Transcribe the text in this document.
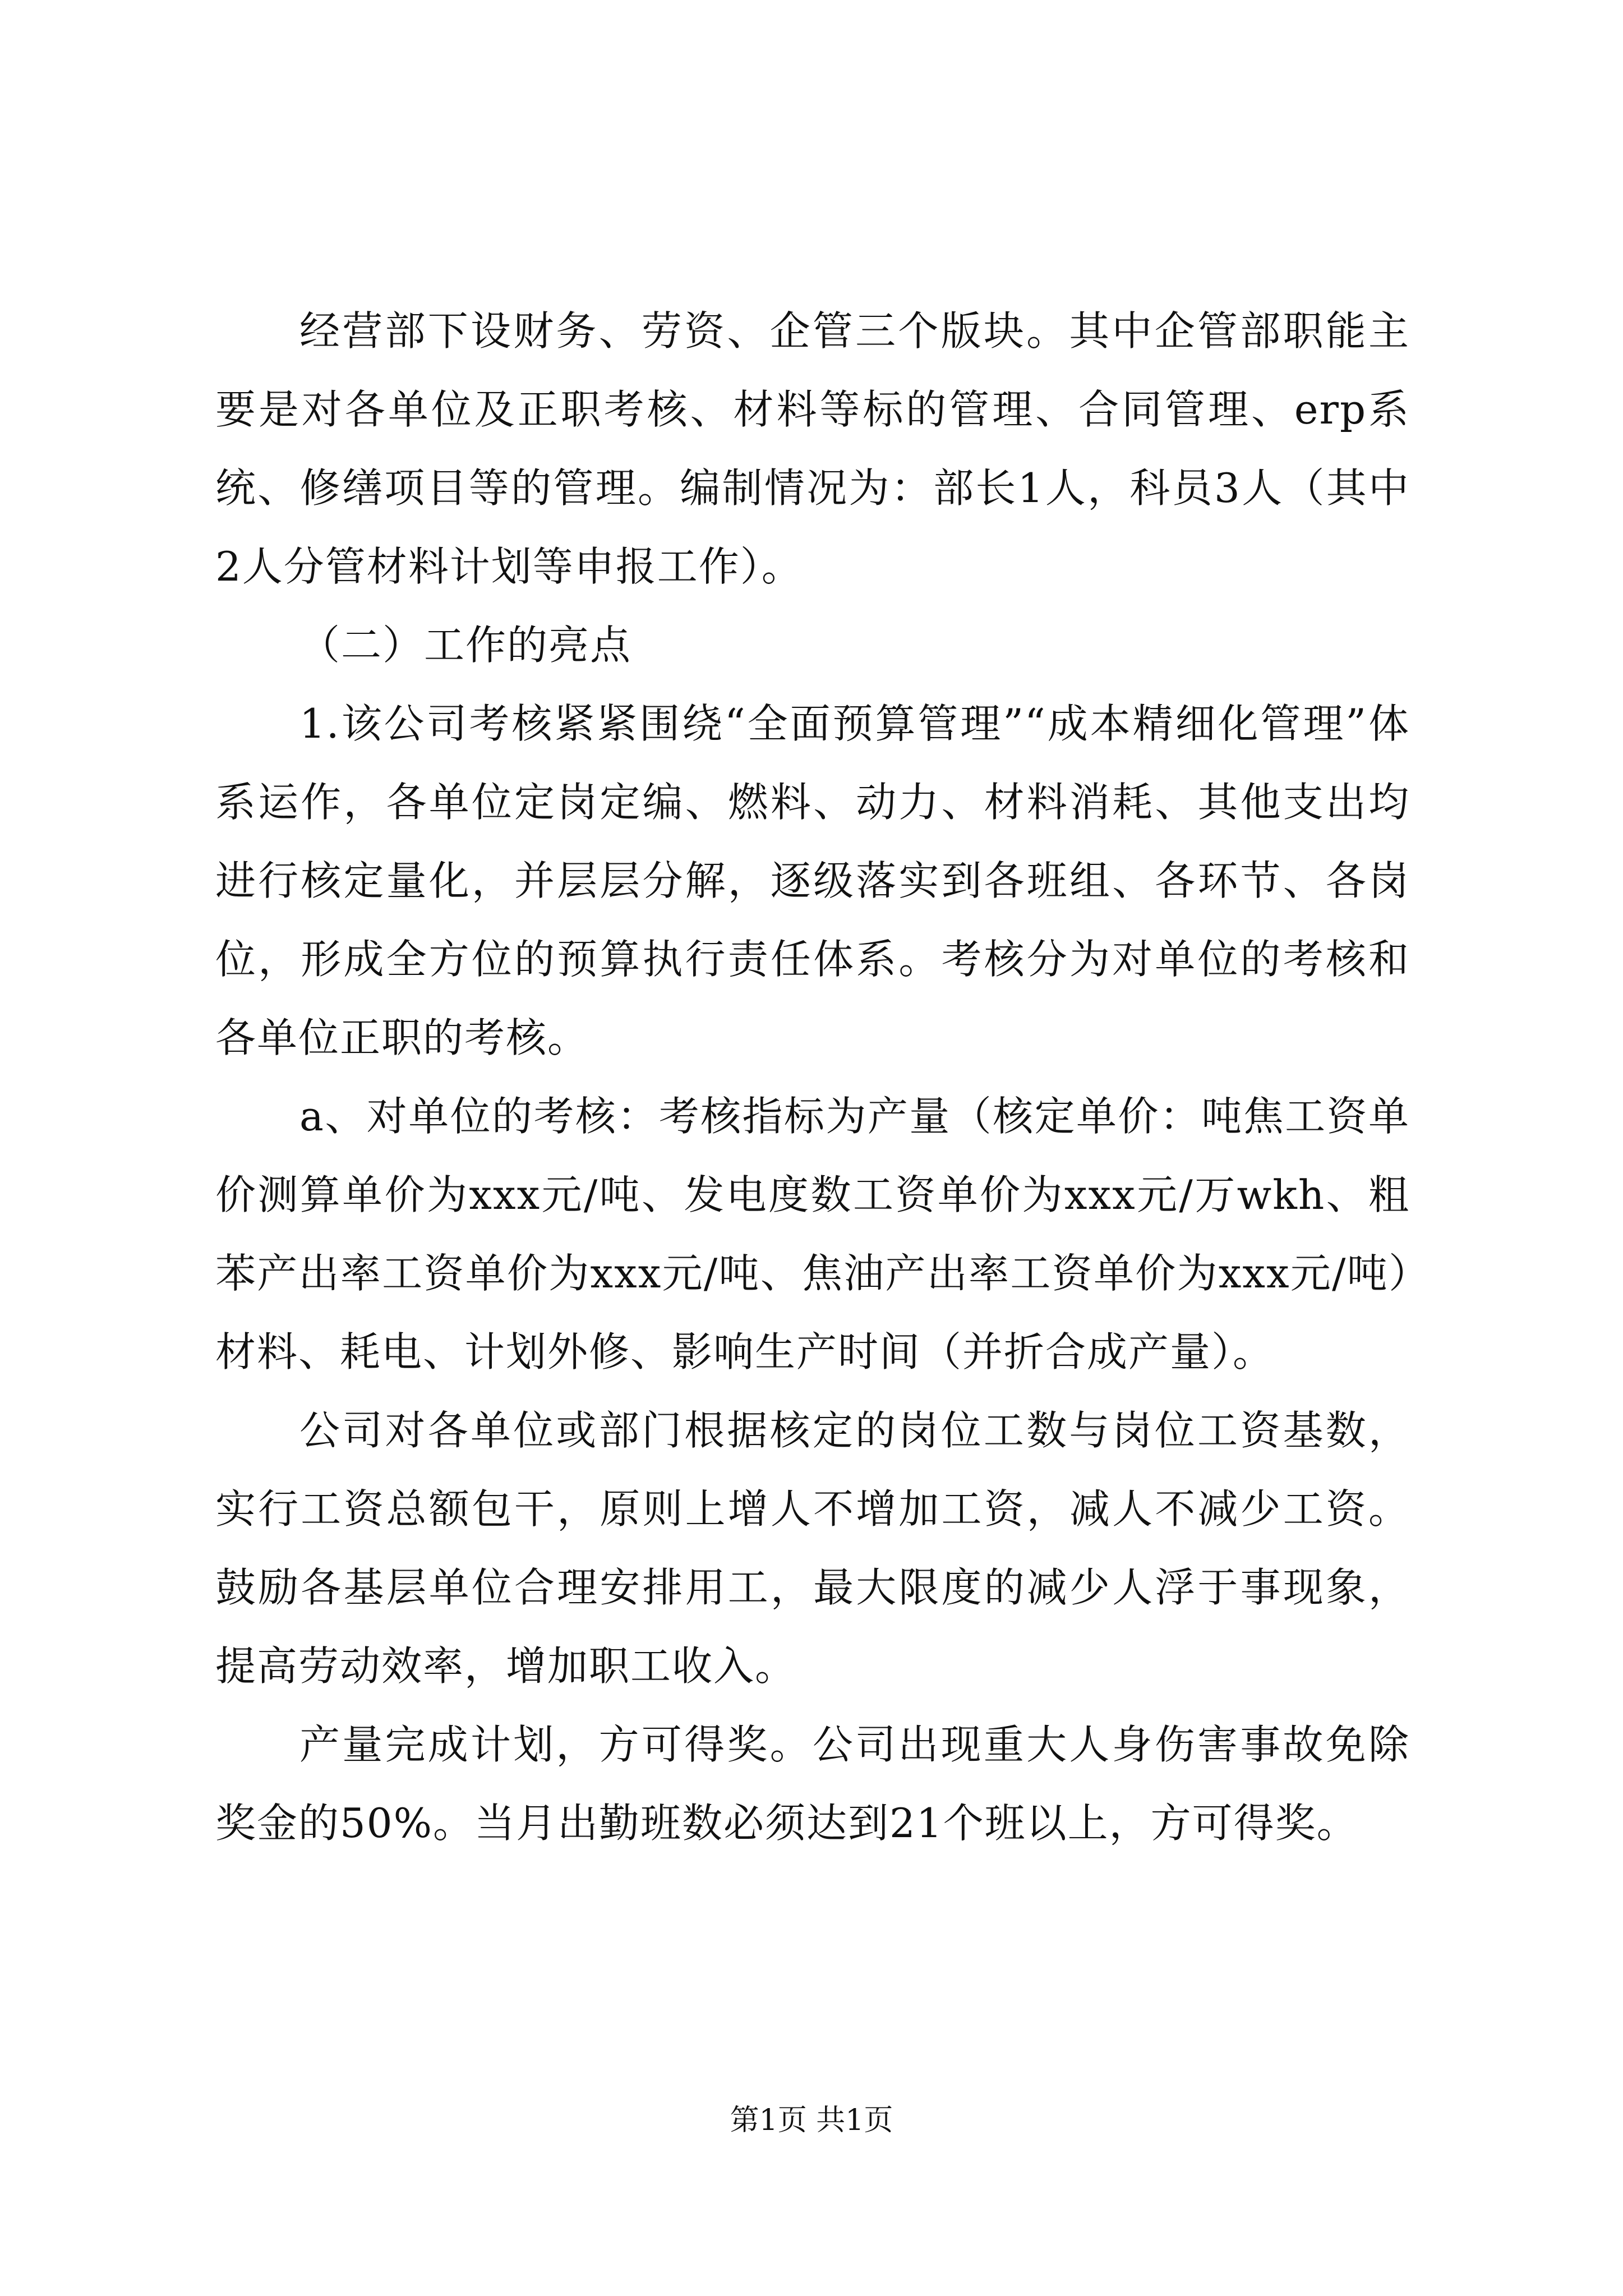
经营部下设财务、劳资、企管三个版块。其中企管部职能主要是对各单位及正职考核、材料等标的管理、合同管理、erp系统、修缮项目等的管理。编制情况为：部长1人，科员3人（其中2人分管材料计划等申报工作）。

（二）工作的亮点

1.该公司考核紧紧围绕“全面预算管理”“成本精细化管理”体系运作，各单位定岗定编、燃料、动力、材料消耗、其他支出均进行核定量化，并层层分解，逐级落实到各班组、各环节、各岗位，形成全方位的预算执行责任体系。考核分为对单位的考核和各单位正职的考核。

a、对单位的考核：考核指标为产量（核定单价：吨焦工资单价测算单价为xxx元/吨、发电度数工资单价为xxx元/万wkh、粗苯产出率工资单价为xxx元/吨、焦油产出率工资单价为xxx元/吨）材料、耗电、计划外修、影响生产时间（并折合成产量）。

公司对各单位或部门根据核定的岗位工数与岗位工资基数，实行工资总额包干，原则上增人不增加工资，减人不减少工资。鼓励各基层单位合理安排用工，最大限度的减少人浮于事现象，提高劳动效率，增加职工收入。

产量完成计划，方可得奖。公司出现重大人身伤害事故免除奖金的50%。当月出勤班数必须达到21个班以上，方可得奖。

第1页 共1页
